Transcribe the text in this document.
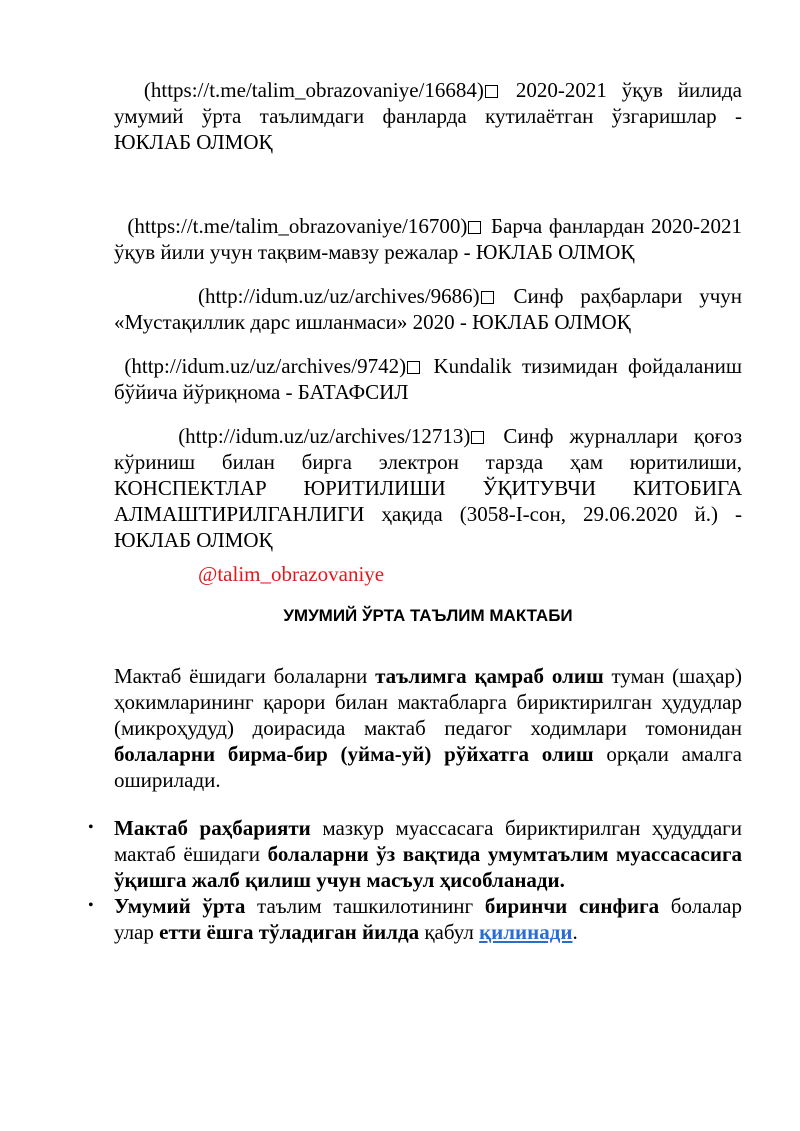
(https://t.me/talim_obrazovaniye/16684) 2020-2021 ўқув йилида умумий ўрта таълимдаги фанларда кутилаётган ўзгаришлар - ЮКЛАБ ОЛМОҚ

(https://t.me/talim_obrazovaniye/16700) Барча фанлардан 2020-2021 ўқув йили учун тақвим-мавзу режалар - ЮКЛАБ ОЛМОҚ

(http://idum.uz/uz/archives/9686) Синф раҳбарлари учун «Мустақиллик дарс ишланмаси» 2020 - ЮКЛАБ ОЛМОҚ

(http://idum.uz/uz/archives/9742) Kundalik тизимидан фойдаланиш бўйича йўриқнома - БАТАФСИЛ

(http://idum.uz/uz/archives/12713) Синф журналлари қоғоз кўриниш билан бирга электрон тарзда ҳам юритилиши, КОНСПЕКТЛАР ЮРИТИЛИШИ ЎҚИТУВЧИ КИТОБИГА АЛМАШТИРИЛГАНЛИГИ ҳақида (3058-I-сон, 29.06.2020 й.) - ЮКЛАБ ОЛМОҚ

@talim_obrazovaniye

УМУМИЙ ЎРТА ТАЪЛИМ МАКТАБИ

Мактаб ёшидаги болаларни таълимга қамраб олиш туман (шаҳар) ҳокимларининг қарори билан мактабларга бириктирилган ҳудудлар (микроҳудуд) доирасида мактаб педагог ходимлари томонидан болаларни бирма-бир (уйма-уй) рўйхатга олиш орқали амалга оширилади.

• Мактаб раҳбарияти мазкур муассасага бириктирилган ҳудуддаги мактаб ёшидаги болаларни ўз вақтида умумтаълим муассасасига ўқишга жалб қилиш учун масъул ҳисобланади.
• Умумий ўрта таълим ташкилотининг биринчи синфига болалар улар етти ёшга тўладиган йилда қабул қилинади.
